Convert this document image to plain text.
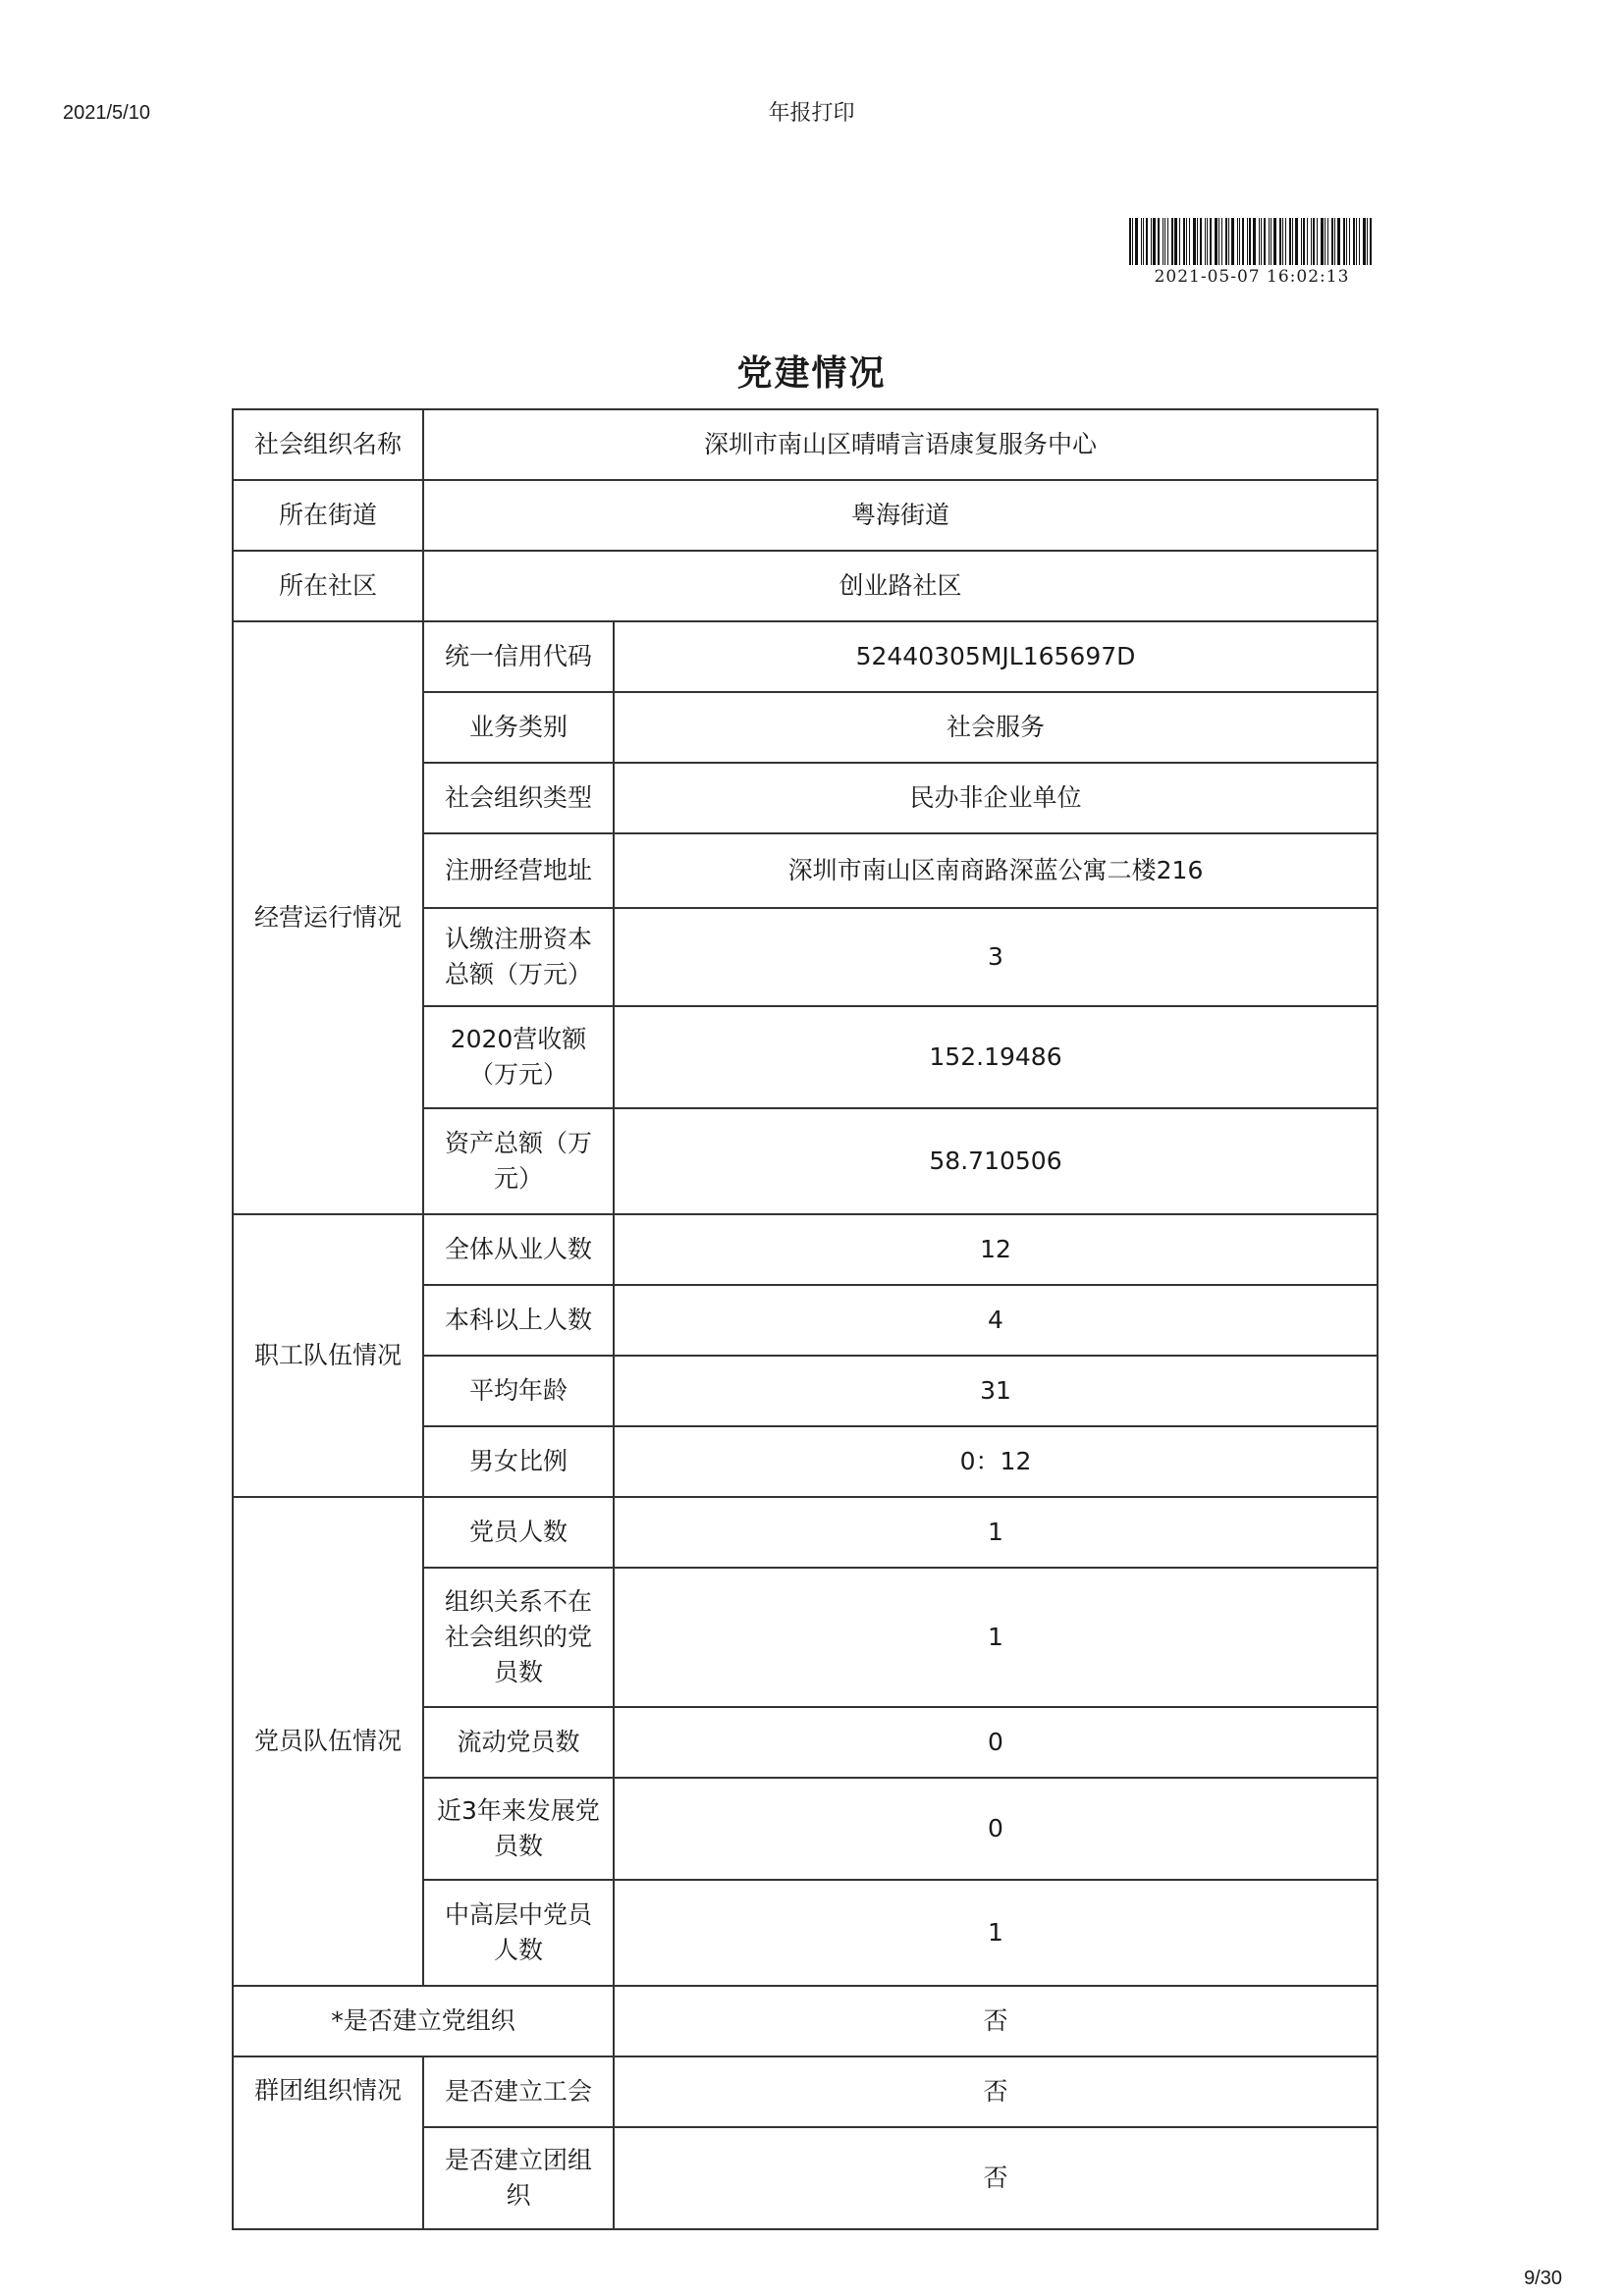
2021/5/10	年报打印
2021-05-07 16:02:13
党建情况
社会组织名称	深圳市南山区晴晴言语康复服务中心	
所在街道	粤海街道	
所在社区	创业路社区	
经营运行情况	统一信用代码	52440305MJL165697D
	业务类别	社会服务
	社会组织类型	民办非企业单位
	注册经营地址	深圳市南山区南商路深蓝公寓二楼216
	认缴注册资本总额（万元）	3
	2020营收额（万元）	152.19486
	资产总额（万元）	58.710506
职工队伍情况	全体从业人数	12
	本科以上人数	4
	平均年龄	31
	男女比例	0：12
党员队伍情况	党员人数	1
	组织关系不在社会组织的党员数	1
	流动党员数	0
	近3年来发展党员数	0
	中高层中党员人数	1
*是否建立党组织		否
群团组织情况	是否建立工会	否
	是否建立团组织	否
9/30
